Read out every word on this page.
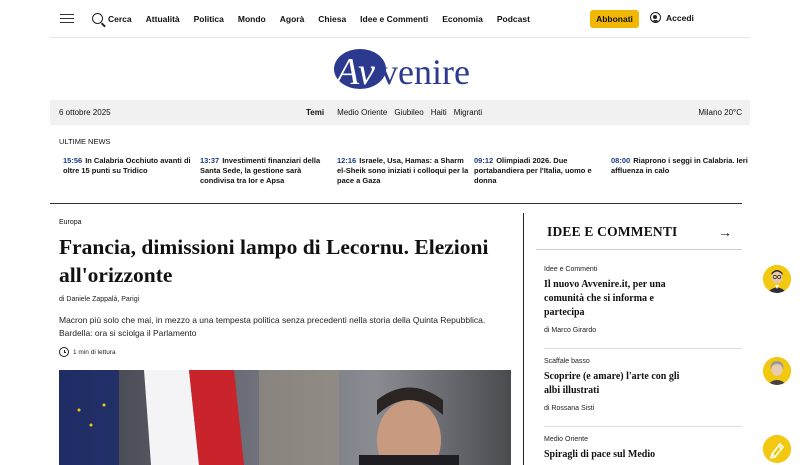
Cerca Attualità Politica Mondo Agorà Chiesa Idee e Commenti Economia Podcast	Abbonati	Accedi
A
v venire
6 ottobre 2025	Temi Medio Oriente Giubileo Haiti Migranti	Milano 20°C
ULTIME NEWS
15:56 In Calabria Occhiuto avanti di oltre 15 punti su Tridico
13:37 Investimenti finanziari della Santa Sede, la gestione sarà condivisa tra Ior e Apsa
12:16 Israele, Usa, Hamas: a Sharm el-Sheik sono iniziati i colloqui per la pace a Gaza
09:12 Olimpiadi 2026. Due portabandiera per l'Italia, uomo e donna
08:00 Riaprono i seggi in Calabria. Ieri affluenza in calo
Europa
Francia, dimissioni lampo di Lecornu. Elezioni all'orizzonte
di Daniele Zappalà, Parigi

Macron più solo che mai, in mezzo a una tempesta politica senza precedenti nella storia della Quinta Repubblica. Bardella: ora si sciolga il Parlamento

1 min di lettura
IDEE E COMMENTI	→
Idee e Commenti
Il nuovo Avvenire.it, per una comunità che si informa e partecipa
di Marco Girardo
Scaffale basso
Scoprire (e amare) l'arte con gli albi illustrati
di Rossana Sisti
Medio Oriente
Spiragli di pace sul Medio
